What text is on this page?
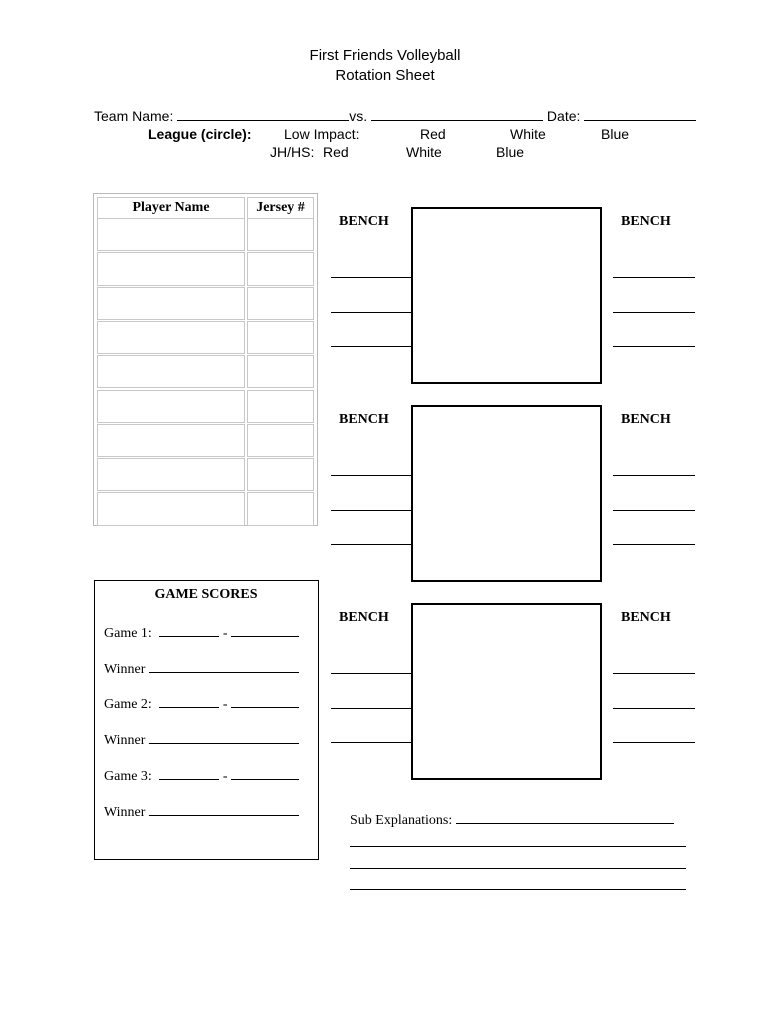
First Friends Volleyball
Rotation Sheet
Team Name:	vs.	Date:
League (circle): Low Impact:	Red	White	Blue
JH/HS: Red	White	Blue
Player Name	Jersey #
BENCH	BENCH
BENCH	BENCH
BENCH	BENCH
GAME SCORES
Game 1:	-
Winner
Game 2:	-
Winner
Game 3:	-
Winner
Sub Explanations:
